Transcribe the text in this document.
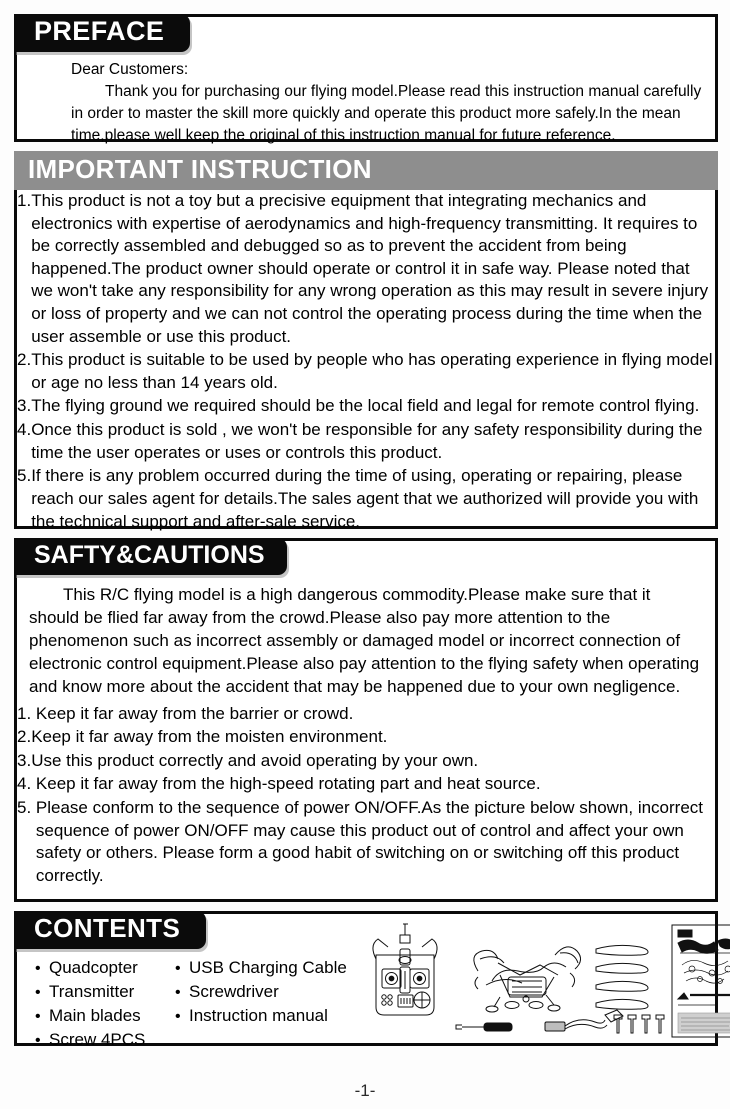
PREFACE

Dear Customers:

Thank you for purchasing our flying model.Please read this instruction manual carefully in order to master the skill more quickly and operate this product more safely.In the mean time,please well keep the original of this instruction manual for future reference.

IMPORTANT INSTRUCTION
1. This product is not a toy but a precisive equipment that integrating mechanics and electronics with expertise of aerodynamics and high-frequency transmitting. It requires to be correctly assembled and debugged so as to prevent the accident from being happened.The product owner should operate or control it in safe way. Please noted that we won't take any responsibility for any wrong operation as this may result in severe injury or loss of property and we can not control the operating process during the time when the user assemble or use this product.
2. This product is suitable to be used by people who has operating experience in flying model or age no less than 14 years old.
3. The flying ground we required should be the local field and legal for remote control flying.
4. Once this product is sold , we won't be responsible for any safety responsibility during the time the user operates or uses or controls this product.
5. If there is any problem occurred during the time of using, operating or repairing, please reach our sales agent for details.The sales agent that we authorized will provide you with the technical support and after-sale service.
SAFTY&CAUTIONS

This R/C flying model is a high dangerous commodity.Please make sure that it should be flied far away from the crowd.Please also pay more attention to the phenomenon such as incorrect assembly or damaged model or incorrect connection of electronic control equipment.Please also pay attention to the flying safety when operating and know more about the accident that may be happened due to your own negligence.

1. Keep it far away from the barrier or crowd.
2. Keep it far away from the moisten environment.
3. Use this product correctly and avoid operating by your own.
4. Keep it far away from the high-speed rotating part and heat source.
5. Please conform to the sequence of power ON/OFF.As the picture below shown, incorrect sequence of power ON/OFF may cause this product out of control and affect your own safety or others. Please form a good habit of switching on or switching off this product correctly.
CONTENTS
• Quadcopter
• Transmitter
• Main blades
• Screw 4PCS
• USB Charging Cable
• Screwdriver
• Instruction manual
-1-
